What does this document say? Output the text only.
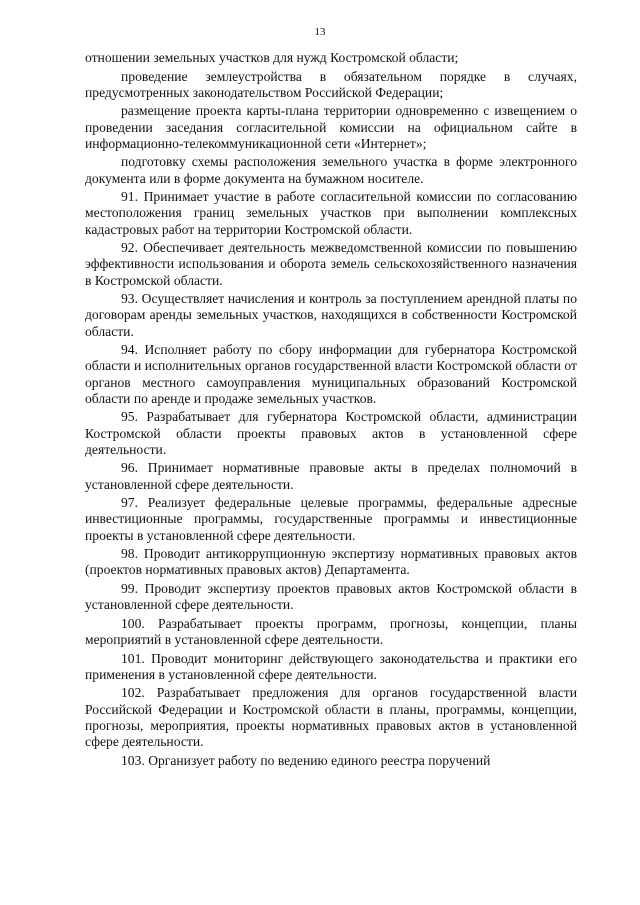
13

отношении земельных участков для нужд Костромской области;

проведение землеустройства в обязательном порядке в случаях, предусмотренных законодательством Российской Федерации;

размещение проекта карты-плана территории одновременно с извещением о проведении заседания согласительной комиссии на официальном сайте в информационно-телекоммуникационной сети «Интернет»;

подготовку схемы расположения земельного участка в форме электронного документа или в форме документа на бумажном носителе.

91. Принимает участие в работе согласительной комиссии по согласованию местоположения границ земельных участков при выполнении комплексных кадастровых работ на территории Костромской области.

92. Обеспечивает деятельность межведомственной комиссии по повышению эффективности использования и оборота земель сельскохозяйственного назначения в Костромской области.

93. Осуществляет начисления и контроль за поступлением арендной платы по договорам аренды земельных участков, находящихся в собственности Костромской области.

94. Исполняет работу по сбору информации для губернатора Костромской области и исполнительных органов государственной власти Костромской области от органов местного самоуправления муниципальных образований Костромской области по аренде и продаже земельных участков.

95. Разрабатывает для губернатора Костромской области, администрации Костромской области проекты правовых актов в установленной сфере деятельности.

96. Принимает нормативные правовые акты в пределах полномочий в установленной сфере деятельности.

97. Реализует федеральные целевые программы, федеральные адресные инвестиционные программы, государственные программы и инвестиционные проекты в установленной сфере деятельности.

98. Проводит антикоррупционную экспертизу нормативных правовых актов (проектов нормативных правовых актов) Департамента.

99. Проводит экспертизу проектов правовых актов Костромской области в установленной сфере деятельности.

100. Разрабатывает проекты программ, прогнозы, концепции, планы мероприятий в установленной сфере деятельности.

101. Проводит мониторинг действующего законодательства и практики его применения в установленной сфере деятельности.

102. Разрабатывает предложения для органов государственной власти Российской Федерации и Костромской области в планы, программы, концепции, прогнозы, мероприятия, проекты нормативных правовых актов в установленной сфере деятельности.

103. Организует работу по ведению единого реестра поручений
